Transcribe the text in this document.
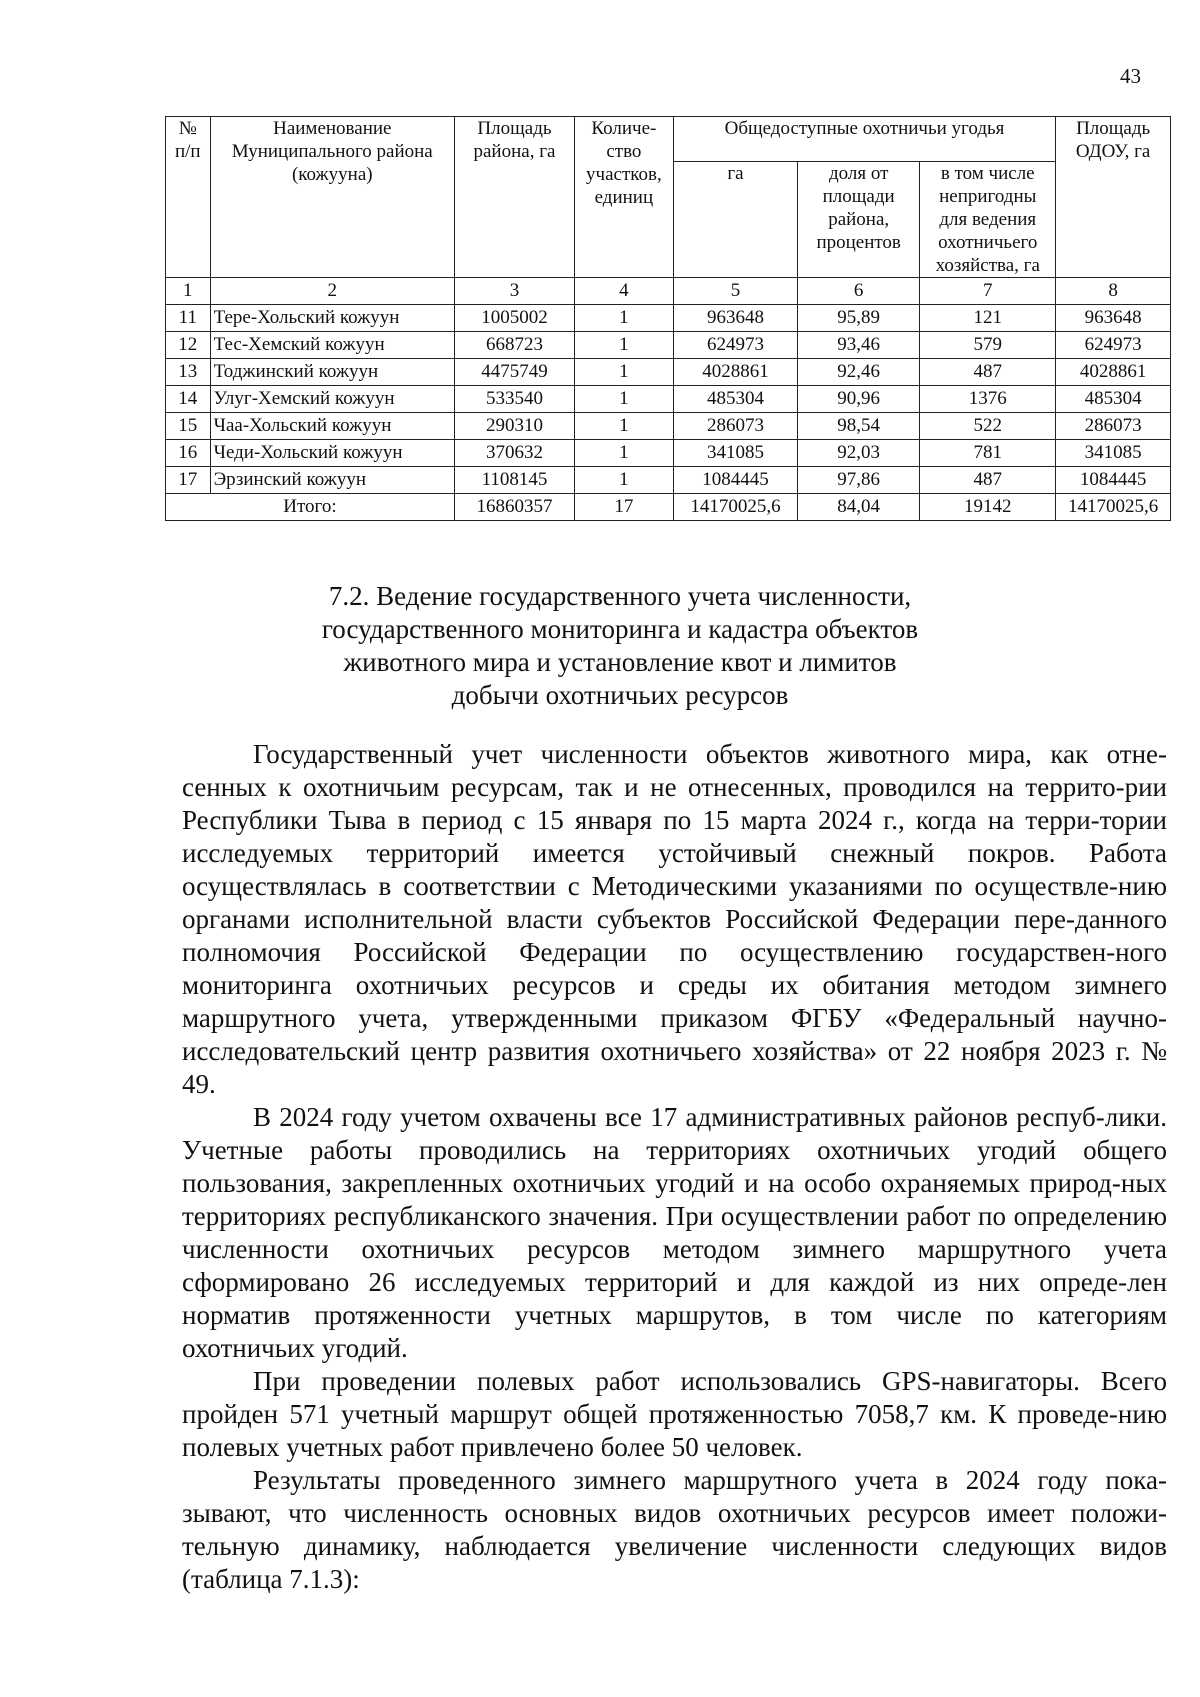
43
№ п/п	Наименование Муниципального района (кожууна)	Площадь района, га	Количе-ство участков, единиц	Общедоступные охотничьи угодья			Площадь ОДОУ, га
				га	доля от площади района, процентов	в том числе непригодны для ведения охотничьего хозяйства, га	
1	2	3	4	5	6	7	8
11	Тере-Хольский кожуун	1005002	1	963648	95,89	121	963648
12	Тес-Хемский кожуун	668723	1	624973	93,46	579	624973
13	Тоджинский кожуун	4475749	1	4028861	92,46	487	4028861
14	Улуг-Хемский кожуун	533540	1	485304	90,96	1376	485304
15	Чаа-Хольский кожуун	290310	1	286073	98,54	522	286073
16	Чеди-Хольский кожуун	370632	1	341085	92,03	781	341085
17	Эрзинский кожуун	1108145	1	1084445	97,86	487	1084445
Итого:		16860357	17	14170025,6	84,04	19142	14170025,6
7.2. Ведение государственного учета численности,
государственного мониторинга и кадастра объектов
животного мира и установление квот и лимитов
добычи охотничьих ресурсов

Государственный учет численности объектов животного мира, как отне-сенных к охотничьим ресурсам, так и не отнесенных, проводился на террито-рии Республики Тыва в период с 15 января по 15 марта 2024 г., когда на терри-тории исследуемых территорий имеется устойчивый снежный покров. Работа осуществлялась в соответствии с Методическими указаниями по осуществле-нию органами исполнительной власти субъектов Российской Федерации пере-данного полномочия Российской Федерации по осуществлению государствен-ного мониторинга охотничьих ресурсов и среды их обитания методом зимнего маршрутного учета, утвержденными приказом ФГБУ «Федеральный научно-исследовательский центр развития охотничьего хозяйства» от 22 ноября 2023 г. № 49.

В 2024 году учетом охвачены все 17 административных районов респуб-лики. Учетные работы проводились на территориях охотничьих угодий общего пользования, закрепленных охотничьих угодий и на особо охраняемых природ-ных территориях республиканского значения. При осуществлении работ по определению численности охотничьих ресурсов методом зимнего маршрутного учета сформировано 26 исследуемых территорий и для каждой из них опреде-лен норматив протяженности учетных маршрутов, в том числе по категориям охотничьих угодий.

При проведении полевых работ использовались GPS-навигаторы. Всего пройден 571 учетный маршрут общей протяженностью 7058,7 км. К проведе-нию полевых учетных работ привлечено более 50 человек.

Результаты проведенного зимнего маршрутного учета в 2024 году пока-зывают, что численность основных видов охотничьих ресурсов имеет положи-тельную динамику, наблюдается увеличение численности следующих видов (таблица 7.1.3):
